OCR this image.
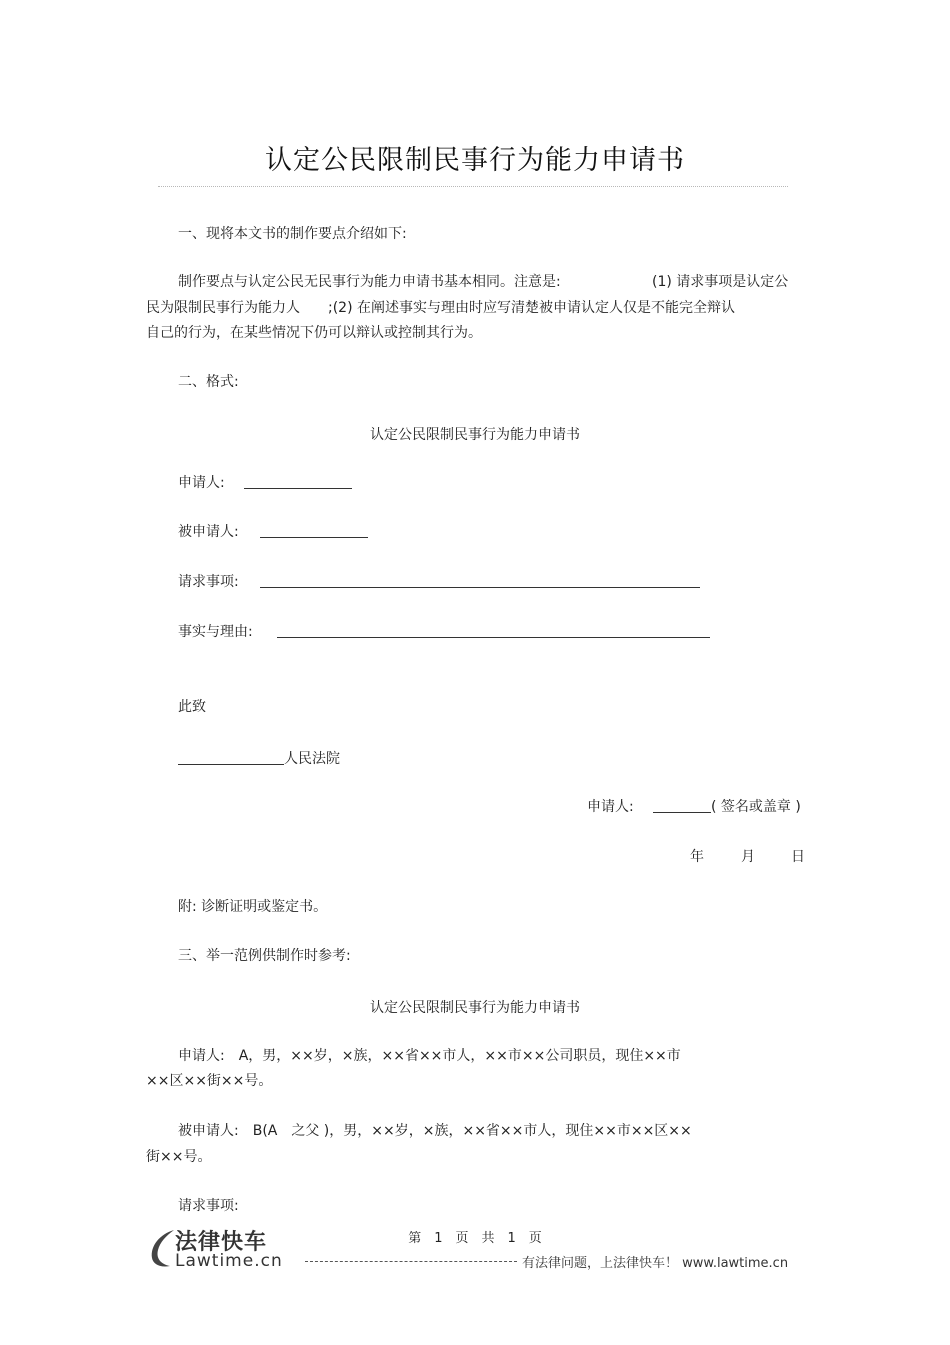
认定公民限制民事行为能力申请书
一、现将本文书的制作要点介绍如下:
制作要点与认定公民无民事行为能力申请书基本相同。注意是:	(1) 请求事项是认定公
民为限制民事行为能力人 ;(2) 在阐述事实与理由时应写清楚被申请认定人仅是不能完全辩认
自己的行为，在某些情况下仍可以辩认或控制其行为。
二、格式:
认定公民限制民事行为能力申请书
申请人:
被申请人:
请求事项:
事实与理由:
此致
人民法院
申请人:	( 签名或盖章 )
年	月	日
附: 诊断证明或鉴定书。
三、举一范例供制作时参考:
认定公民限制民事行为能力申请书
申请人:　A，男，××岁，×族，××省××市人，××市××公司职员，现住××市
××区××街××号。
被申请人:　B(A　之父 )，男，××岁，×族，××省××市人，现住××市××区××
街××号。
请求事项:
第　1　页　共　1　页
法律快车
Lawtime.cn	有法律问题，上法律快车！ www.lawtime.cn
